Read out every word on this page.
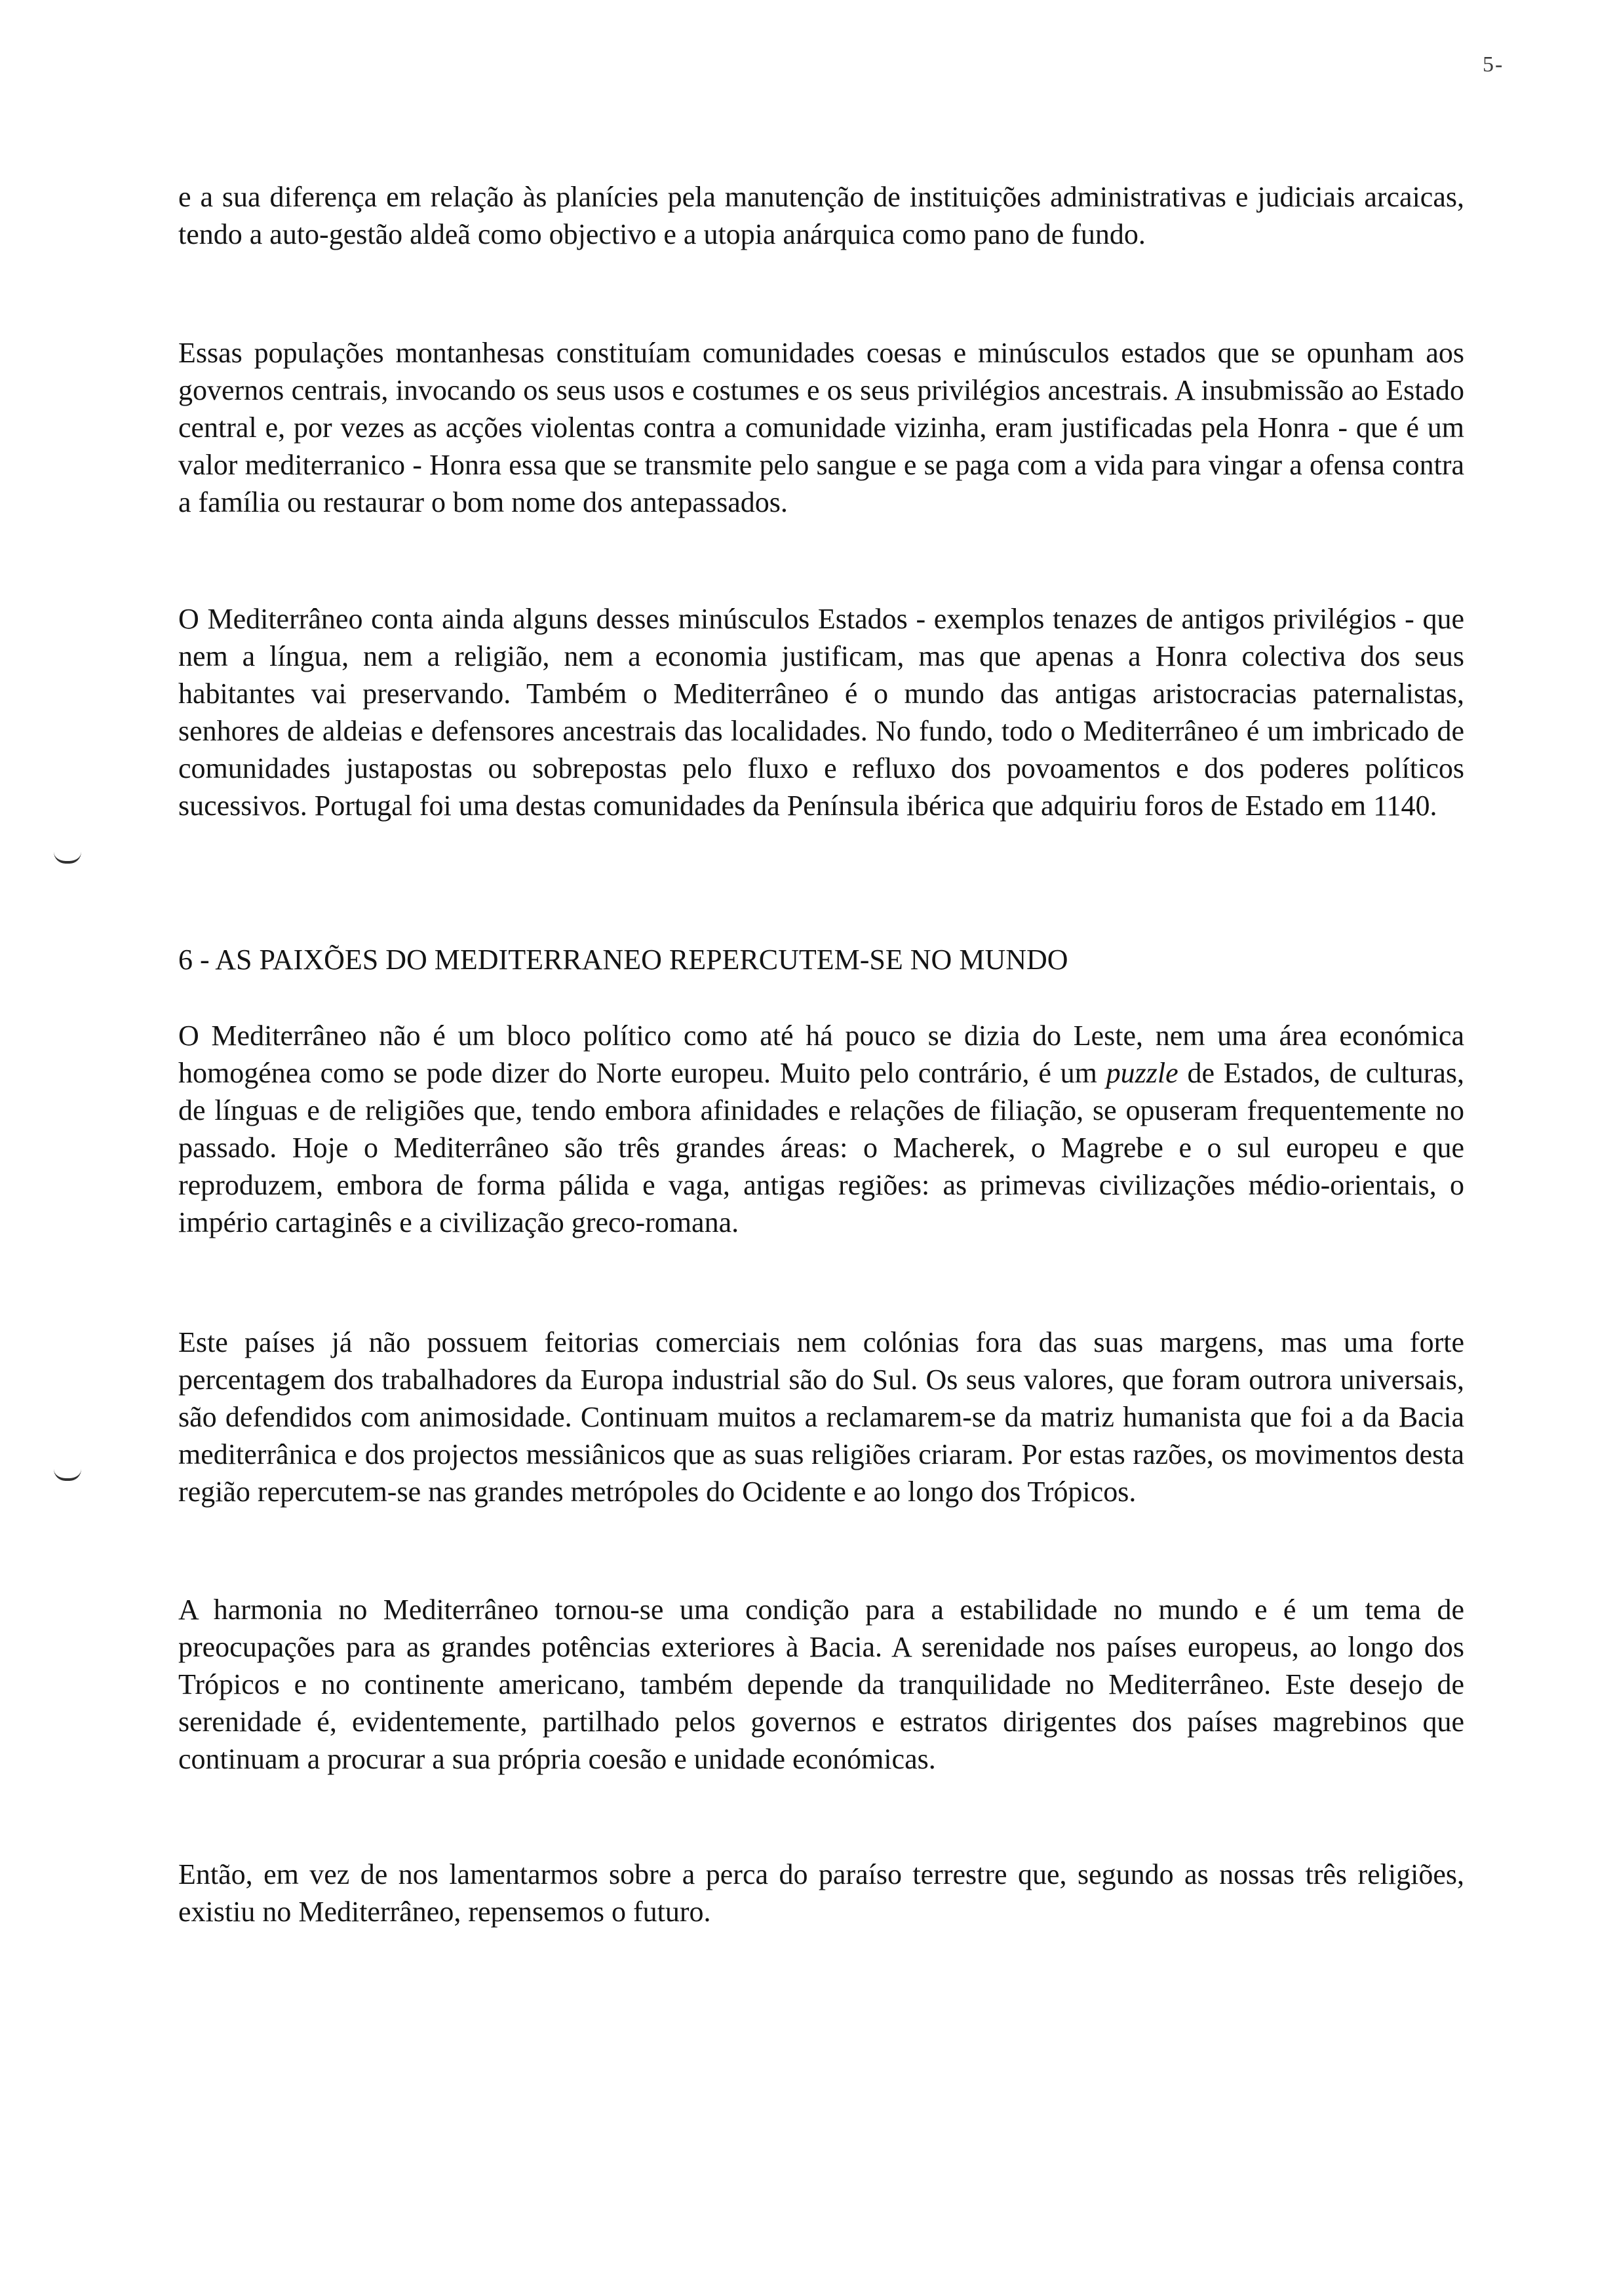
5-

e a sua diferença em relação às planícies pela manutenção de instituições administrativas e judiciais arcaicas, tendo a auto-gestão aldeã como objectivo e a utopia anárquica como pano de fundo.

Essas populações montanhesas constituíam comunidades coesas e minúsculos estados que se opunham aos governos centrais, invocando os seus usos e costumes e os seus privilégios ancestrais. A insubmissão ao Estado central e, por vezes as acções violentas contra a comunidade vizinha, eram justificadas pela Honra - que é um valor mediterranico - Honra essa que se transmite pelo sangue e se paga com a vida para vingar a ofensa contra a família ou restaurar o bom nome dos antepassados.

O Mediterrâneo conta ainda alguns desses minúsculos Estados - exemplos tenazes de antigos privilégios - que nem a língua, nem a religião, nem a economia justificam, mas que apenas a Honra colectiva dos seus habitantes vai preservando. Também o Mediterrâneo é o mundo das antigas aristocracias paternalistas, senhores de aldeias e defensores ancestrais das localidades. No fundo, todo o Mediterrâneo é um imbricado de comunidades justapostas ou sobrepostas pelo fluxo e refluxo dos povoamentos e dos poderes políticos sucessivos. Portugal foi uma destas comunidades da Península ibérica que adquiriu foros de Estado em 1140.

6 - AS PAIXÕES DO MEDITERRANEO REPERCUTEM-SE NO MUNDO

O Mediterrâneo não é um bloco político como até há pouco se dizia do Leste, nem uma área económica homogénea como se pode dizer do Norte europeu. Muito pelo contrário, é um puzzle de Estados, de culturas, de línguas e de religiões que, tendo embora afinidades e relações de filiação, se opuseram frequentemente no passado. Hoje o Mediterrâneo são três grandes áreas: o Macherek, o Magrebe e o sul europeu e que reproduzem, embora de forma pálida e vaga, antigas regiões: as primevas civilizações médio-orientais, o império cartaginês e a civilização greco-romana.

Este países já não possuem feitorias comerciais nem colónias fora das suas margens, mas uma forte percentagem dos trabalhadores da Europa industrial são do Sul. Os seus valores, que foram outrora universais, são defendidos com animosidade. Continuam muitos a reclamarem-se da matriz humanista que foi a da Bacia mediterrânica e dos projectos messiânicos que as suas religiões criaram. Por estas razões, os movimentos desta região repercutem-se nas grandes metrópoles do Ocidente e ao longo dos Trópicos.

A harmonia no Mediterrâneo tornou-se uma condição para a estabilidade no mundo e é um tema de preocupações para as grandes potências exteriores à Bacia. A serenidade nos países europeus, ao longo dos Trópicos e no continente americano, também depende da tranquilidade no Mediterrâneo. Este desejo de serenidade é, evidentemente, partilhado pelos governos e estratos dirigentes dos países magrebinos que continuam a procurar a sua própria coesão e unidade económicas.

Então, em vez de nos lamentarmos sobre a perca do paraíso terrestre que, segundo as nossas três religiões, existiu no Mediterrâneo, repensemos o futuro.
